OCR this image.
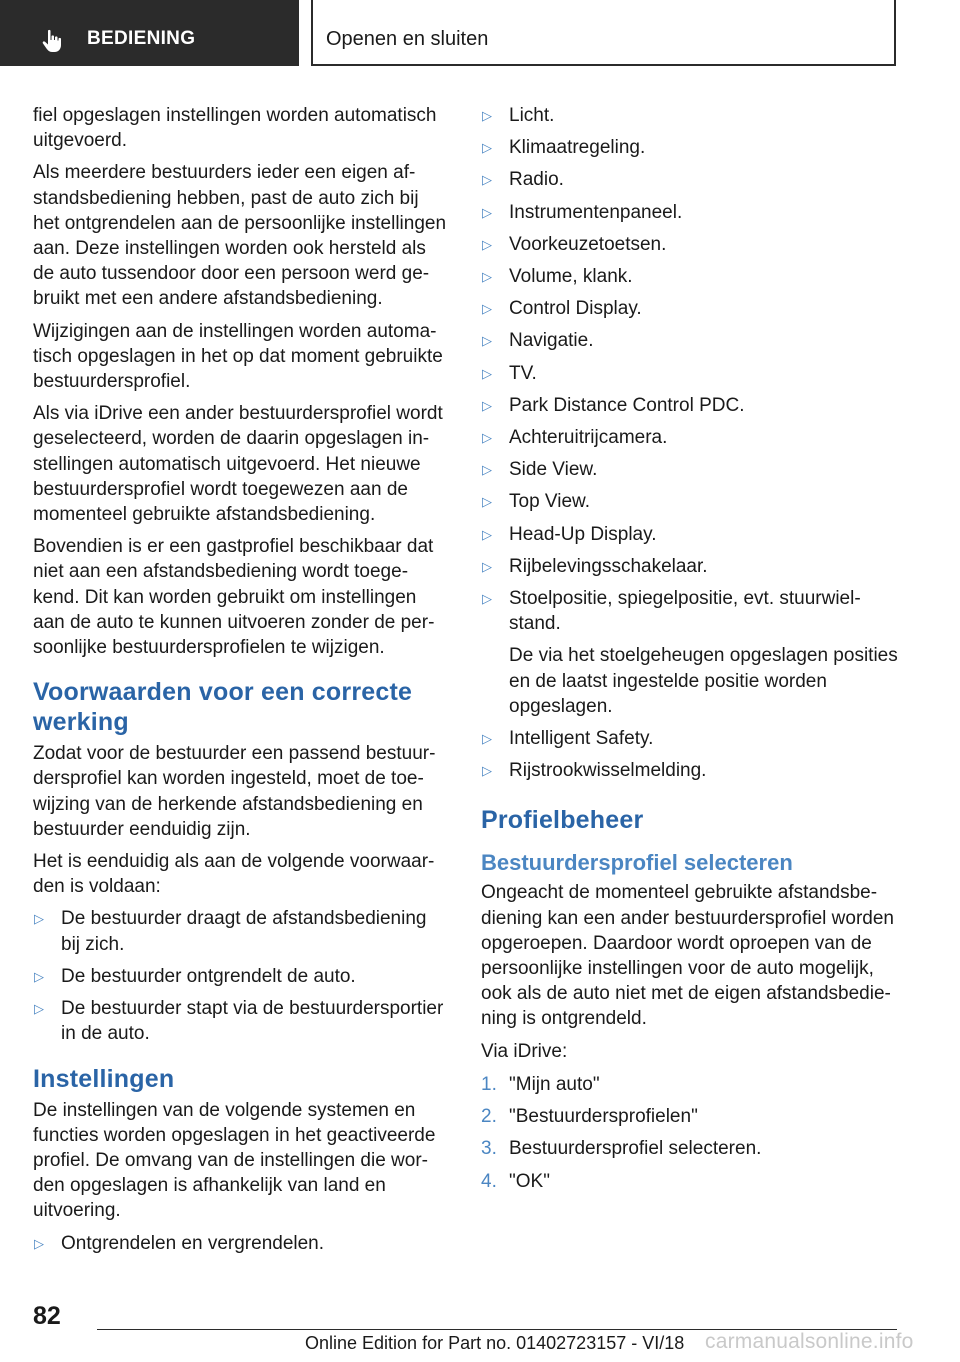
BEDIENING	Openen en sluiten

fiel opgeslagen instellingen worden automatisch uitgevoerd.

Als meerdere bestuurders ieder een eigen afstandsbediening hebben, past de auto zich bij het ontgrendelen aan de persoonlijke instellingen aan. Deze instellingen worden ook hersteld als de auto tussendoor door een persoon werd gebruikt met een andere afstandsbediening.

Wijzigingen aan de instellingen worden automatisch opgeslagen in het op dat moment gebruikte bestuurdersprofiel.

Als via iDrive een ander bestuurdersprofiel wordt geselecteerd, worden de daarin opgeslagen instellingen automatisch uitgevoerd. Het nieuwe bestuurdersprofiel wordt toegewezen aan de momenteel gebruikte afstandsbediening.

Bovendien is er een gastprofiel beschikbaar dat niet aan een afstandsbediening wordt toegekend. Dit kan worden gebruikt om instellingen aan de auto te kunnen uitvoeren zonder de persoonlijke bestuurdersprofielen te wijzigen.

Voorwaarden voor een correcte werking

Zodat voor de bestuurder een passend bestuurdersprofiel kan worden ingesteld, moet de toewijzing van de herkende afstandsbediening en bestuurder eenduidig zijn.

Het is eenduidig als aan de volgende voorwaarden is voldaan:

▷ De bestuurder draagt de afstandsbediening bij zich.
▷ De bestuurder ontgrendelt de auto.
▷ De bestuurder stapt via de bestuurdersportier in de auto.
Instellingen

De instellingen van de volgende systemen en functies worden opgeslagen in het geactiveerde profiel. De omvang van de instellingen die worden opgeslagen is afhankelijk van land en uitvoering.

▷ Ontgrendelen en vergrendelen.
▷ Licht.
▷ Klimaatregeling.
▷ Radio.
▷ Instrumentenpaneel.
▷ Voorkeuzetoetsen.
▷ Volume, klank.
▷ Control Display.
▷ Navigatie.
▷ TV.
▷ Park Distance Control PDC.
▷ Achteruitrijcamera.
▷ Side View.
▷ Top View.
▷ Head-Up Display.
▷ Rijbelevingsschakelaar.
▷ Stoelpositie, spiegelpositie, evt. stuurwielstand.
De via het stoelgeheugen opgeslagen posities en de laatst ingestelde positie worden opgeslagen.
▷ Intelligent Safety.
▷ Rijstrookwisselmelding.
Profielbeheer
Bestuurdersprofiel selecteren

Ongeacht de momenteel gebruikte afstandsbediening kan een ander bestuurdersprofiel worden opgeroepen. Daardoor wordt oproepen van de persoonlijke instellingen voor de auto mogelijk, ook als de auto niet met de eigen afstandsbediening is ontgrendeld.

Via iDrive:

1. "Mijn auto"
2. "Bestuurdersprofielen"
3. Bestuurdersprofiel selecteren.
4. "OK"
82
Online Edition for Part no. 01402723157 - VI/18 carmanualsonline.info
